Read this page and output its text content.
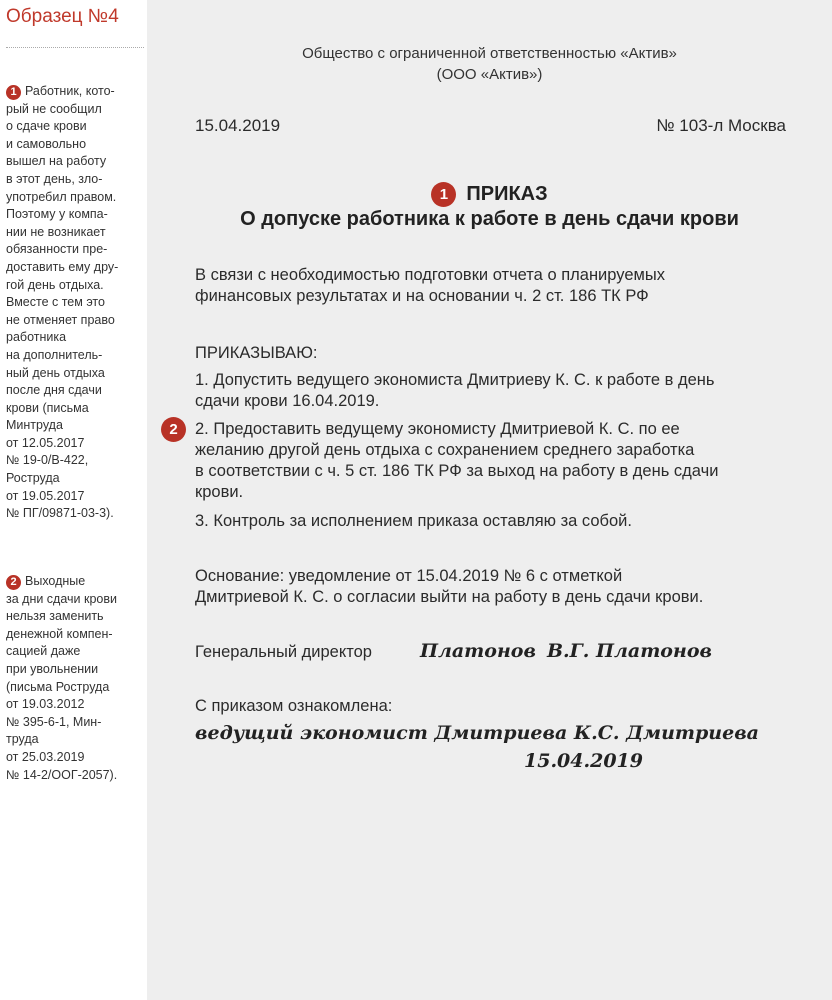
Образец №4
1 Работник, кото-
рый не сообщил
о сдаче крови
и самовольно
вышел на работу
в этот день, зло-
употребил правом.
Поэтому у компа-
нии не возникает
обязанности пре-
доставить ему дру-
гой день отдыха.
Вместе с тем это
не отменяет право
работника
на дополнитель-
ный день отдыха
после дня сдачи
крови (письма
Минтруда
от 12.05.2017
№ 19-0/В-422,
Роструда
от 19.05.2017
№ ПГ/09871-03-3).
2 Выходные
за дни сдачи крови
нельзя заменить
денежной компен-
сацией даже
при увольнении
(письма Роструда
от 19.03.2012
№ 395-6-1, Мин-
труда
от 25.03.2019
№ 14-2/ООГ-2057).
Общество с ограниченной ответственностью «Актив»
(ООО «Актив»)
15.04.2019	№ 103-л Москва
1 ПРИКАЗ
О допуске работника к работе в день сдачи крови
В связи с необходимостью подготовки отчета о планируемых
финансовых результатах и на основании ч. 2 ст. 186 ТК РФ
ПРИКАЗЫВАЮ:
1. Допустить ведущего экономиста Дмитриеву К. С. к работе в день
сдачи крови 16.04.2019.
2	2. Предоставить ведущему экономисту Дмитриевой К. С. по ее
желанию другой день отдыха с сохранением среднего заработка
в соответствии с ч. 5 ст. 186 ТК РФ за выход на работу в день сдачи
крови.
3. Контроль за исполнением приказа оставляю за собой.
Основание: уведомление от 15.04.2019 № 6 с отметкой
Дмитриевой К. С. о согласии выйти на работу в день сдачи крови.
Генеральный директор	Платонов В.Г. Платонов
С приказом ознакомлена:
ведущий экономист Дмитриева К.С. Дмитриева
15.04.2019
